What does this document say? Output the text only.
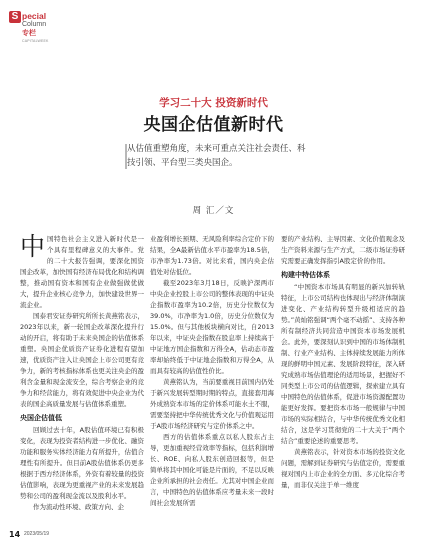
S pecial
Column
专栏
CAPITALWEEK
学习二十大 投资新时代
央国企估值新时代
从估值重塑角度，未来可重点关注社会责任、科技引领、平台型三类央国企。
周 汇／文

中国特色社会主义进入新时代是一个具有里程碑意义的大事件。党的二十大报告强调，要深化国资国企改革，加快国有经济布局优化和结构调整，推动国有资本和国有企业做强做优做大，提升企业核心竞争力，加快建设世界一流企业。

国泰君安证券研究所所长黄燕铭表示，2023年以来，新一轮国企改革深化提升行动的开启，将有助于未来央国企的估值体系重塑。央国企优质资产证券化进程有望加速，优质资产注入让央国企上市公司更有竞争力，新的考核指标体系也更关注央企的盈利含金量和现金流安全，综合考察企业的竞争力和经营能力，将有效促进中央企业为代表的国企高质量发展与估值体系重塑。

央国企估值低

回顾过去十年，A股估值环境已有积极变化，表现为投资者结构进一步优化、融资功能和服务实体经济能力有所提升，估值合理性有所提升。但目前A股估值体系仍更多根据于西方经济体系，外资有着较量的投资估值影响，表现为更重视产业的未来发展趋势和公司的盈利现金流以及股利水平。

作为流动性环境、政策方向、企

业盈利增长预期、无风险利率综合定价下的结果，全A最新估值水平市盈率为18.5倍，市净率为1.73倍。对比来看，国内央企估值处对估低位。

截至2023年3月18日，反映沪深两市中央企业控股上市公司的整体表现的中证央企指数市盈率为10.2倍，历史分位数仅为39.0%，市净率为1.0倍，历史分位数仅为15.0%。但与其他板块横向对比，自2013年以来，中证央企指数在股息率上持续高于中证地方国企指数和万得全A，估动态市盈率却始终低于中证地企指数和万得全A，从而具有较高的估值性价比。

黄燕铭认为，当前要重视目前国内仍处于新兴发展转型期时期的特点，直接套用海外成熟资本市场的定价体系可能水土不服，需要坚持把中华传统优秀文化与价值观运用于A股市场经济研究与定价体系之中。

西方的估值体系重点以私人股东占主导，更加重视经营效率等指标，包括利润增长、ROE、向私人股东创造回报等，但是简单将其中国化可能是片面的，不足以反映企业所承担的社会责任。尤其对中国企业而言，中国特色的估值体系应考量未来一段时间社会发展所需

要的产业结构、主导因素、文化价值观念及生产资料来源与生产方式，二级市场证券研究需要正确发挥指引A股定价的作用。

构建中特估体系

“中国资本市场具有明显的新兴加转轨特征，上市公司结构也体现出与经济体制演进变化、产业结构转型升级相适应的趋势。”黄灿铭强调“两个毫不动摇”、支持各种所有制经济共同营造中国资本市场发展机会。此外，要深刻认识到中国的市场体制机制、行业产业结构、主体持续发展能力所体现的鲜明中国元素、发展阶段特征，深入研究成熟市场估值理论的适用场景，把握好不同类型上市公司的估值逻辑，探索建立具有中国特色的估值体系，促进市场资源配置功能更好发挥。要把资本市场一般规律与中国市场的实际相结合，与中华传统优秀文化相结合，这是学习贯彻党的二十大关于“两个结合”重要论述的重要思考。

黄燕铭表示，针对资本市场的投资文化问题，需解到证券研究与估值定价，需要重视对国内上市企业的全方面、多元化综合考量，而非仅关注于单一维度

14 2023/05/19
